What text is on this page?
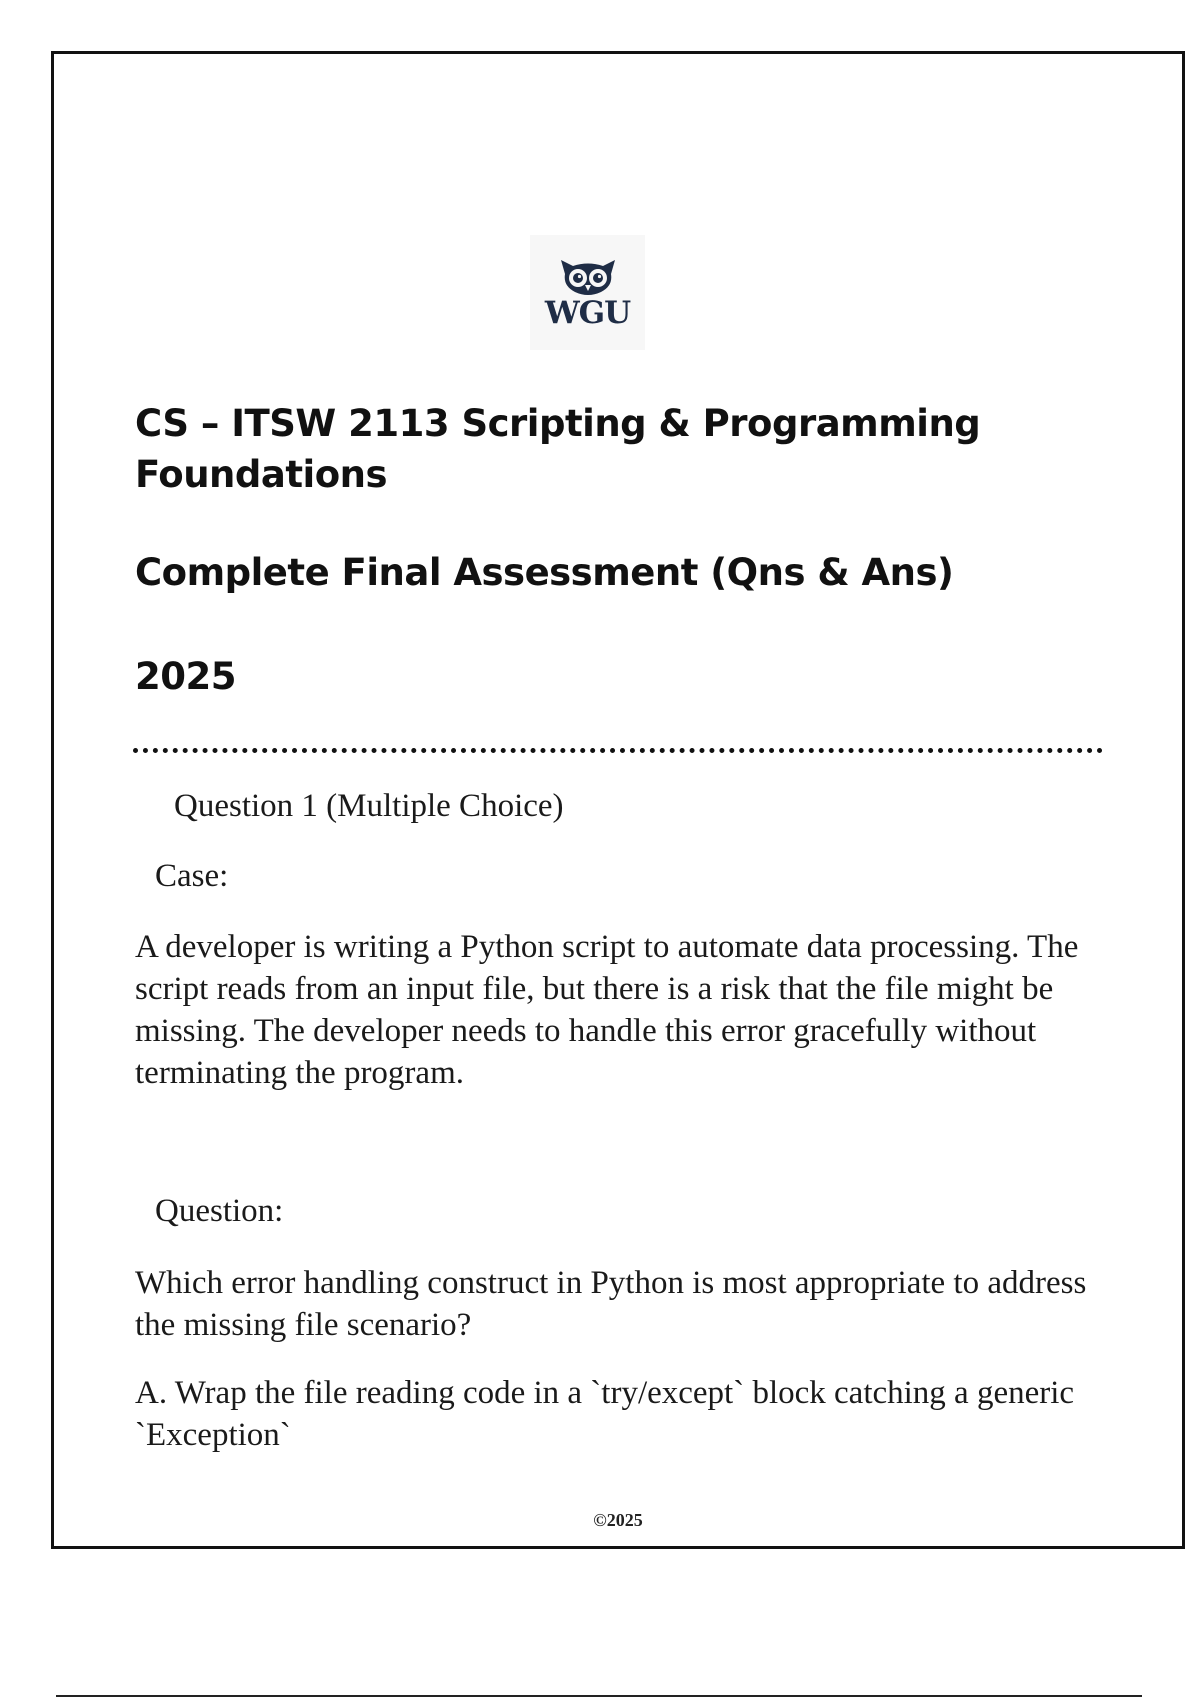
WGU
CS – ITSW 2113 Scripting & Programming Foundations
Complete Final Assessment (Qns & Ans)
2025
Question 1 (Multiple Choice)
Case:
A developer is writing a Python script to automate data processing. The script reads from an input file, but there is a risk that the file might be missing. The developer needs to handle this error gracefully without terminating the program.
Question:
Which error handling construct in Python is most appropriate to address the missing file scenario?
A. Wrap the file reading code in a `try/except` block catching a generic `Exception`
©2025
